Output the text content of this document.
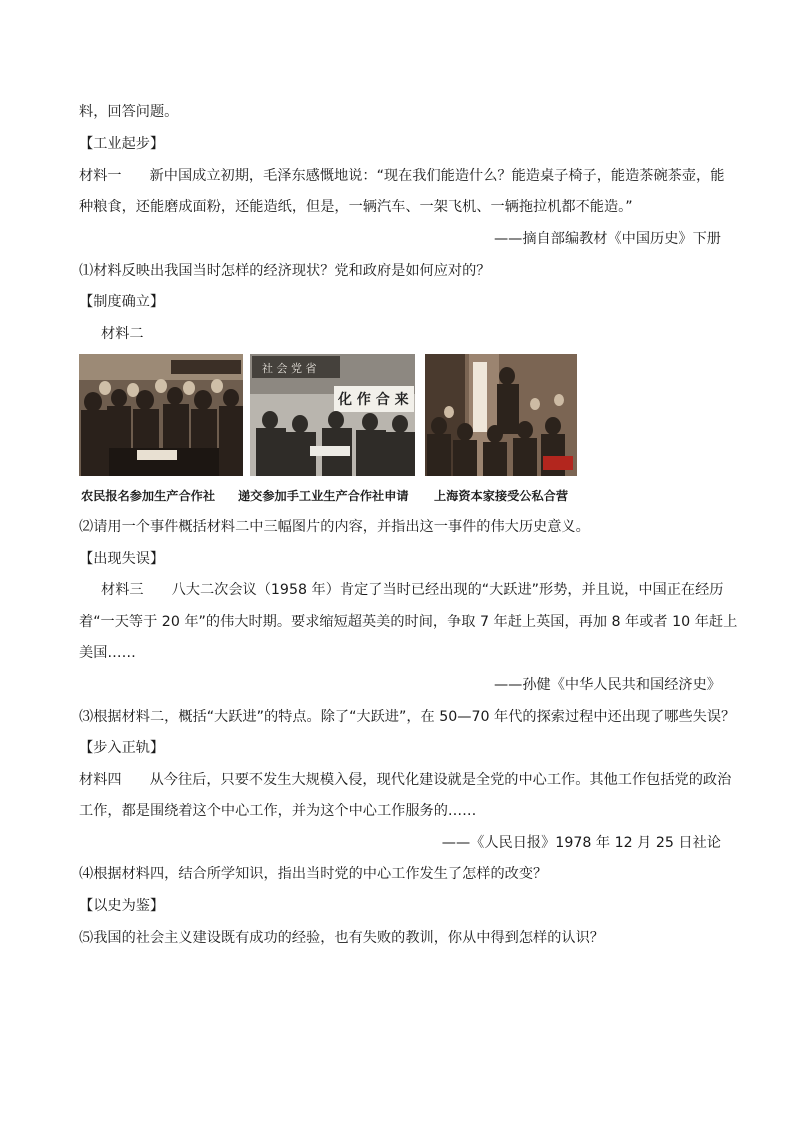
料，回答问题。
【工业起步】
材料一 新中国成立初期，毛泽东感慨地说：“现在我们能造什么？能造桌子椅子，能造茶碗茶壶，能
种粮食，还能磨成面粉，还能造纸，但是，一辆汽车、一架飞机、一辆拖拉机都不能造。”
——摘自部编教材《中国历史》下册
⑴材料反映出我国当时怎样的经济现状？党和政府是如何应对的？
【制度确立】
材料二
社 会 党 省
化 作 合 来
农民报名参加生产合作社 递交参加手工业生产合作社申请 上海资本家接受公私合营
⑵请用一个事件概括材料二中三幅图片的内容，并指出这一事件的伟大历史意义。
【出现失误】
材料三 八大二次会议（1958 年）肯定了当时已经出现的“大跃进”形势，并且说，中国正在经历
着“一天等于 20 年”的伟大时期。要求缩短超英美的时间，争取 7 年赶上英国，再加 8 年或者 10 年赶上
美国……
——孙健《中华人民共和国经济史》
⑶根据材料二，概括“大跃进”的特点。除了“大跃进”，在 50—70 年代的探索过程中还出现了哪些失误？
【步入正轨】
材料四 从今往后，只要不发生大规模入侵，现代化建设就是全党的中心工作。其他工作包括党的政治
工作，都是围绕着这个中心工作，并为这个中心工作服务的……
——《人民日报》1978 年 12 月 25 日社论
⑷根据材料四，结合所学知识，指出当时党的中心工作发生了怎样的改变？
【以史为鉴】
⑸我国的社会主义建设既有成功的经验，也有失败的教训，你从中得到怎样的认识？
